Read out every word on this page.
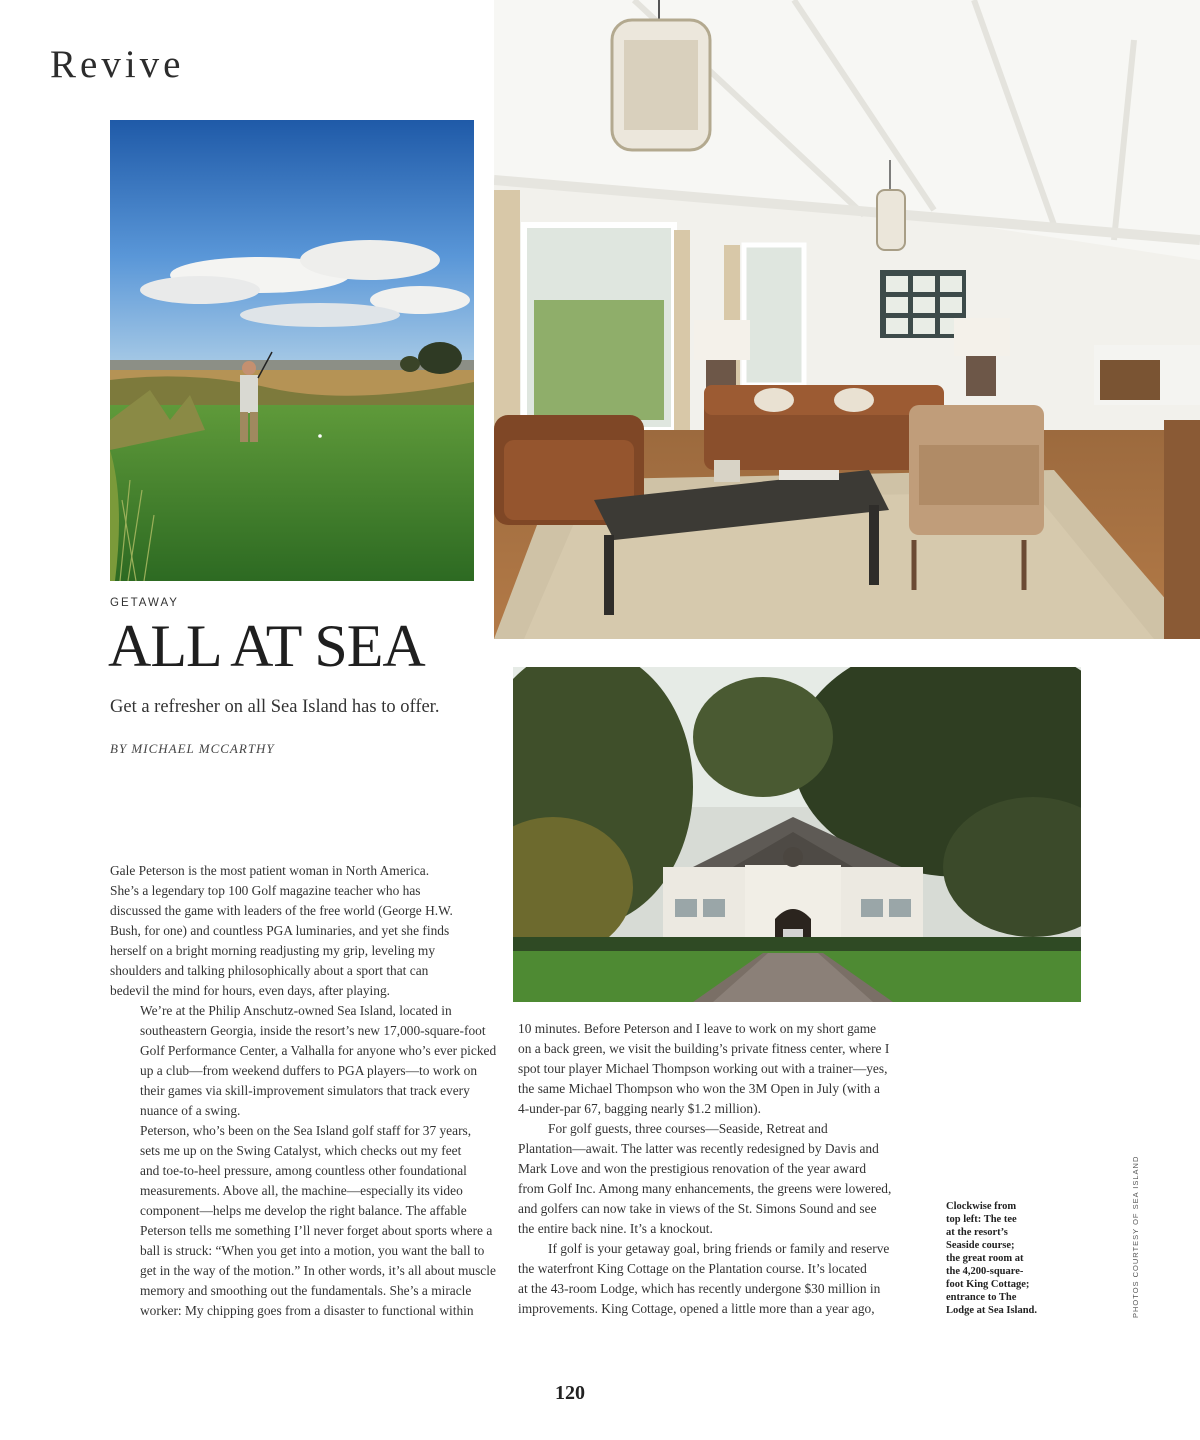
Revive
GETAWAY
ALL AT SEA
Get a refresher on all Sea Island has to offer.
BY MICHAEL MCCARTHY

Gale Peterson is the most patient woman in North America.
She’s a legendary top 100 Golf magazine teacher who has
discussed the game with leaders of the free world (George H.W.
Bush, for one) and countless PGA luminaries, and yet she finds
herself on a bright morning readjusting my grip, leveling my
shoulders and talking philosophically about a sport that can
bedevil the mind for hours, even days, after playing.

We’re at the Philip Anschutz-owned Sea Island, located in
southeastern Georgia, inside the resort’s new 17,000-square-foot
Golf Performance Center, a Valhalla for anyone who’s ever picked
up a club—from weekend duffers to PGA players—to work on
their games via skill-improvement simulators that track every
nuance of a swing.

Peterson, who’s been on the Sea Island golf staff for 37 years,
sets me up on the Swing Catalyst, which checks out my feet
and toe-to-heel pressure, among countless other foundational
measurements. Above all, the machine—especially its video
component—helps me develop the right balance. The affable
Peterson tells me something I’ll never forget about sports where a
ball is struck: “When you get into a motion, you want the ball to
get in the way of the motion.” In other words, it’s all about muscle
memory and smoothing out the fundamentals. She’s a miracle
worker: My chipping goes from a disaster to functional within

10 minutes. Before Peterson and I leave to work on my short game
on a back green, we visit the building’s private fitness center, where I
spot tour player Michael Thompson working out with a trainer—yes,
the same Michael Thompson who won the 3M Open in July (with a
4-under-par 67, bagging nearly $1.2 million).

For golf guests, three courses—Seaside, Retreat and
Plantation—await. The latter was recently redesigned by Davis and
Mark Love and won the prestigious renovation of the year award
from Golf Inc. Among many enhancements, the greens were lowered,
and golfers can now take in views of the St. Simons Sound and see
the entire back nine. It’s a knockout.

If golf is your getaway goal, bring friends or family and reserve
the waterfront King Cottage on the Plantation course. It’s located
at the 43-room Lodge, which has recently undergone $30 million in
improvements. King Cottage, opened a little more than a year ago,

Clockwise from
top left: The tee
at the resort’s
Seaside course;
the great room at
the 4,200-square-
foot King Cottage;
entrance to The
Lodge at Sea Island.	PHOTOS COURTESY OF SEA ISLAND
120
